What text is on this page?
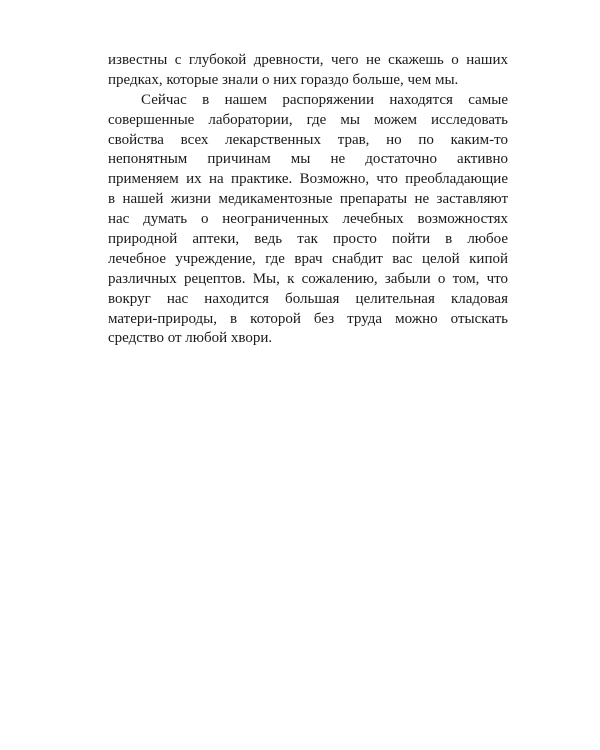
известны с глубокой древности, чего не скажешь о наших
предках, которые знали о них гораздо больше, чем мы.
Сейчас в нашем распоряжении находятся самые
совершенные лаборатории, где мы можем исследовать
свойства всех лекарственных трав, но по каким-то
непонятным причинам мы не достаточно активно
применяем их на практике. Возможно, что преобладающие
в нашей жизни медикаментозные препараты не заставляют
нас думать о неограниченных лечебных возможностях
природной аптеки, ведь так просто пойти в любое
лечебное учреждение, где врач снабдит вас целой кипой
различных рецептов. Мы, к сожалению, забыли о том, что
вокруг нас находится большая целительная кладовая
матери-природы, в которой без труда можно отыскать
средство от любой хвори.
